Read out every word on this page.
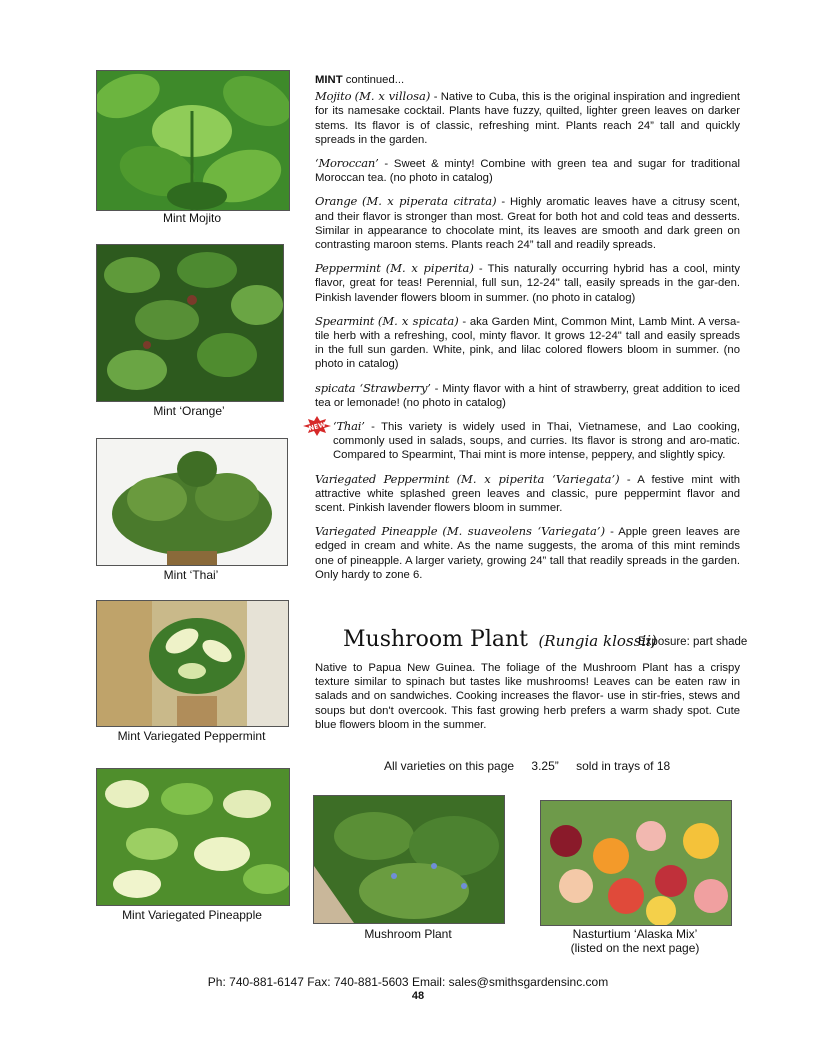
Mint Mojito
Mint ‘Orange’
Mint ‘Thai’
Mint Variegated Peppermint
Mint Variegated Pineapple
Mushroom Plant	Nasturtium ‘Alaska Mix’
(listed on the next page)

MINT continued...

Mojito (M. x villosa) - Native to Cuba, this is the original inspiration and ingredient for its namesake cocktail. Plants have fuzzy, quilted, lighter green leaves on darker stems. Its flavor is of classic, refreshing mint. Plants reach 24” tall and quickly spreads in the garden.

‘Moroccan’ - Sweet & minty! Combine with green tea and sugar for traditional Moroccan tea. (no photo in catalog)

Orange (M. x piperata citrata) - Highly aromatic leaves have a citrusy scent, and their flavor is stronger than most. Great for both hot and cold teas and desserts. Similar in appearance to chocolate mint, its leaves are smooth and dark green on contrasting maroon stems. Plants reach 24” tall and readily spreads.

Peppermint (M. x piperita) - This naturally occurring hybrid has a cool, minty flavor, great for teas! Perennial, full sun, 12-24" tall, easily spreads in the gar-den. Pinkish lavender flowers bloom in summer. (no photo in catalog)

Spearmint (M. x spicata) - aka Garden Mint, Common Mint, Lamb Mint. A versa-tile herb with a refreshing, cool, minty flavor. It grows 12-24" tall and easily spreads in the full sun garden. White, pink, and lilac colored flowers bloom in summer. (no photo in catalog)

spicata ‘Strawberry’ - Minty flavor with a hint of strawberry, great addition to iced tea or lemonade! (no photo in catalog)

NEW ‘Thai’ - This variety is widely used in Thai, Vietnamese, and Lao cooking, commonly used in salads, soups, and curries. Its flavor is strong and aro-matic. Compared to Spearmint, Thai mint is more intense, peppery, and slightly spicy.

Variegated Peppermint (M. x piperita ‘Variegata’) - A festive mint with attractive white splashed green leaves and classic, pure peppermint flavor and scent. Pinkish lavender flowers bloom in summer.

Variegated Pineapple (M. suaveolens ‘Variegata’) - Apple green leaves are edged in cream and white. As the name suggests, the aroma of this mint reminds one of pineapple. A larger variety, growing 24” tall that readily spreads in the garden. Only hardy to zone 6.

Mushroom Plant (Rungia klossii)
Exposure: part shade

Native to Papua New Guinea. The foliage of the Mushroom Plant has a crispy texture similar to spinach but tastes like mushrooms! Leaves can be eaten raw in salads and on sandwiches. Cooking increases the flavor- use in stir-fries, stews and soups but don't overcook. This fast growing herb prefers a warm shady spot. Cute blue flowers bloom in the summer.

All varieties on this page 3.25” sold in trays of 18
Ph: 740-881-6147 Fax: 740-881-5603 Email: sales@smithsgardensinc.com
48
